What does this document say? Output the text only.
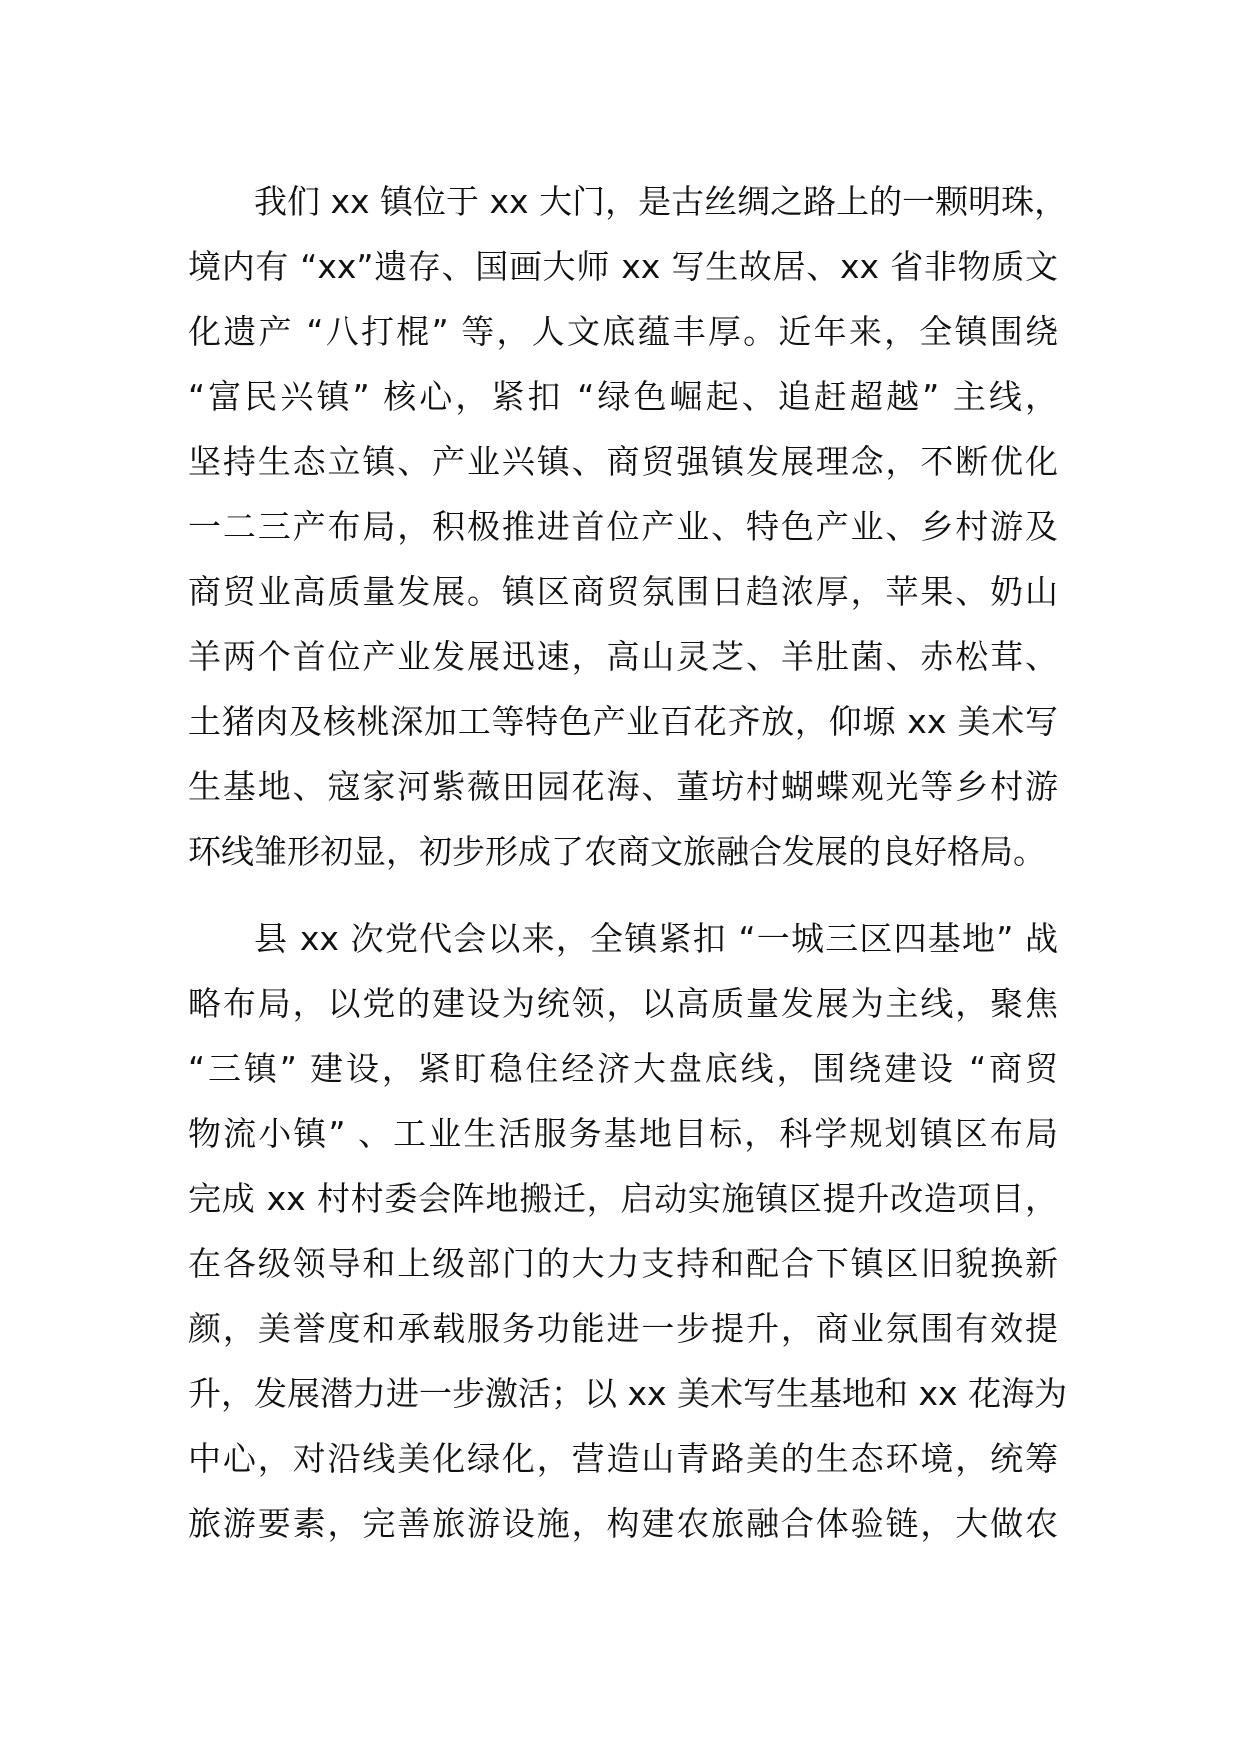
我们 xx 镇位于 xx 大门，是古丝绸之路上的一颗明珠，
境内有 “xx”遗存、国画大师 xx 写生故居、xx 省非物质文
化遗产 “八打棍” 等，人文底蕴丰厚。近年来，全镇围绕
“富民兴镇” 核心，紧扣 “绿色崛起、追赶超越” 主线，
坚持生态立镇、产业兴镇、商贸强镇发展理念，不断优化
一二三产布局，积极推进首位产业、特色产业、乡村游及
商贸业高质量发展。镇区商贸氛围日趋浓厚，苹果、奶山
羊两个首位产业发展迅速，高山灵芝、羊肚菌、赤松茸、
土猪肉及核桃深加工等特色产业百花齐放，仰塬 xx 美术写
生基地、寇家河紫薇田园花海、董坊村蝴蝶观光等乡村游
环线雏形初显，初步形成了农商文旅融合发展的良好格局。

县 xx 次党代会以来，全镇紧扣 “一城三区四基地” 战
略布局，以党的建设为统领，以高质量发展为主线，聚焦
“三镇” 建设，紧盯稳住经济大盘底线，围绕建设 “商贸
物流小镇” 、工业生活服务基地目标，科学规划镇区布局
完成 xx 村村委会阵地搬迁，启动实施镇区提升改造项目，
在各级领导和上级部门的大力支持和配合下镇区旧貌换新
颜，美誉度和承载服务功能进一步提升，商业氛围有效提
升，发展潜力进一步激活；以 xx 美术写生基地和 xx 花海为
中心，对沿线美化绿化，营造山青路美的生态环境，统筹
旅游要素，完善旅游设施，构建农旅融合体验链，大做农
